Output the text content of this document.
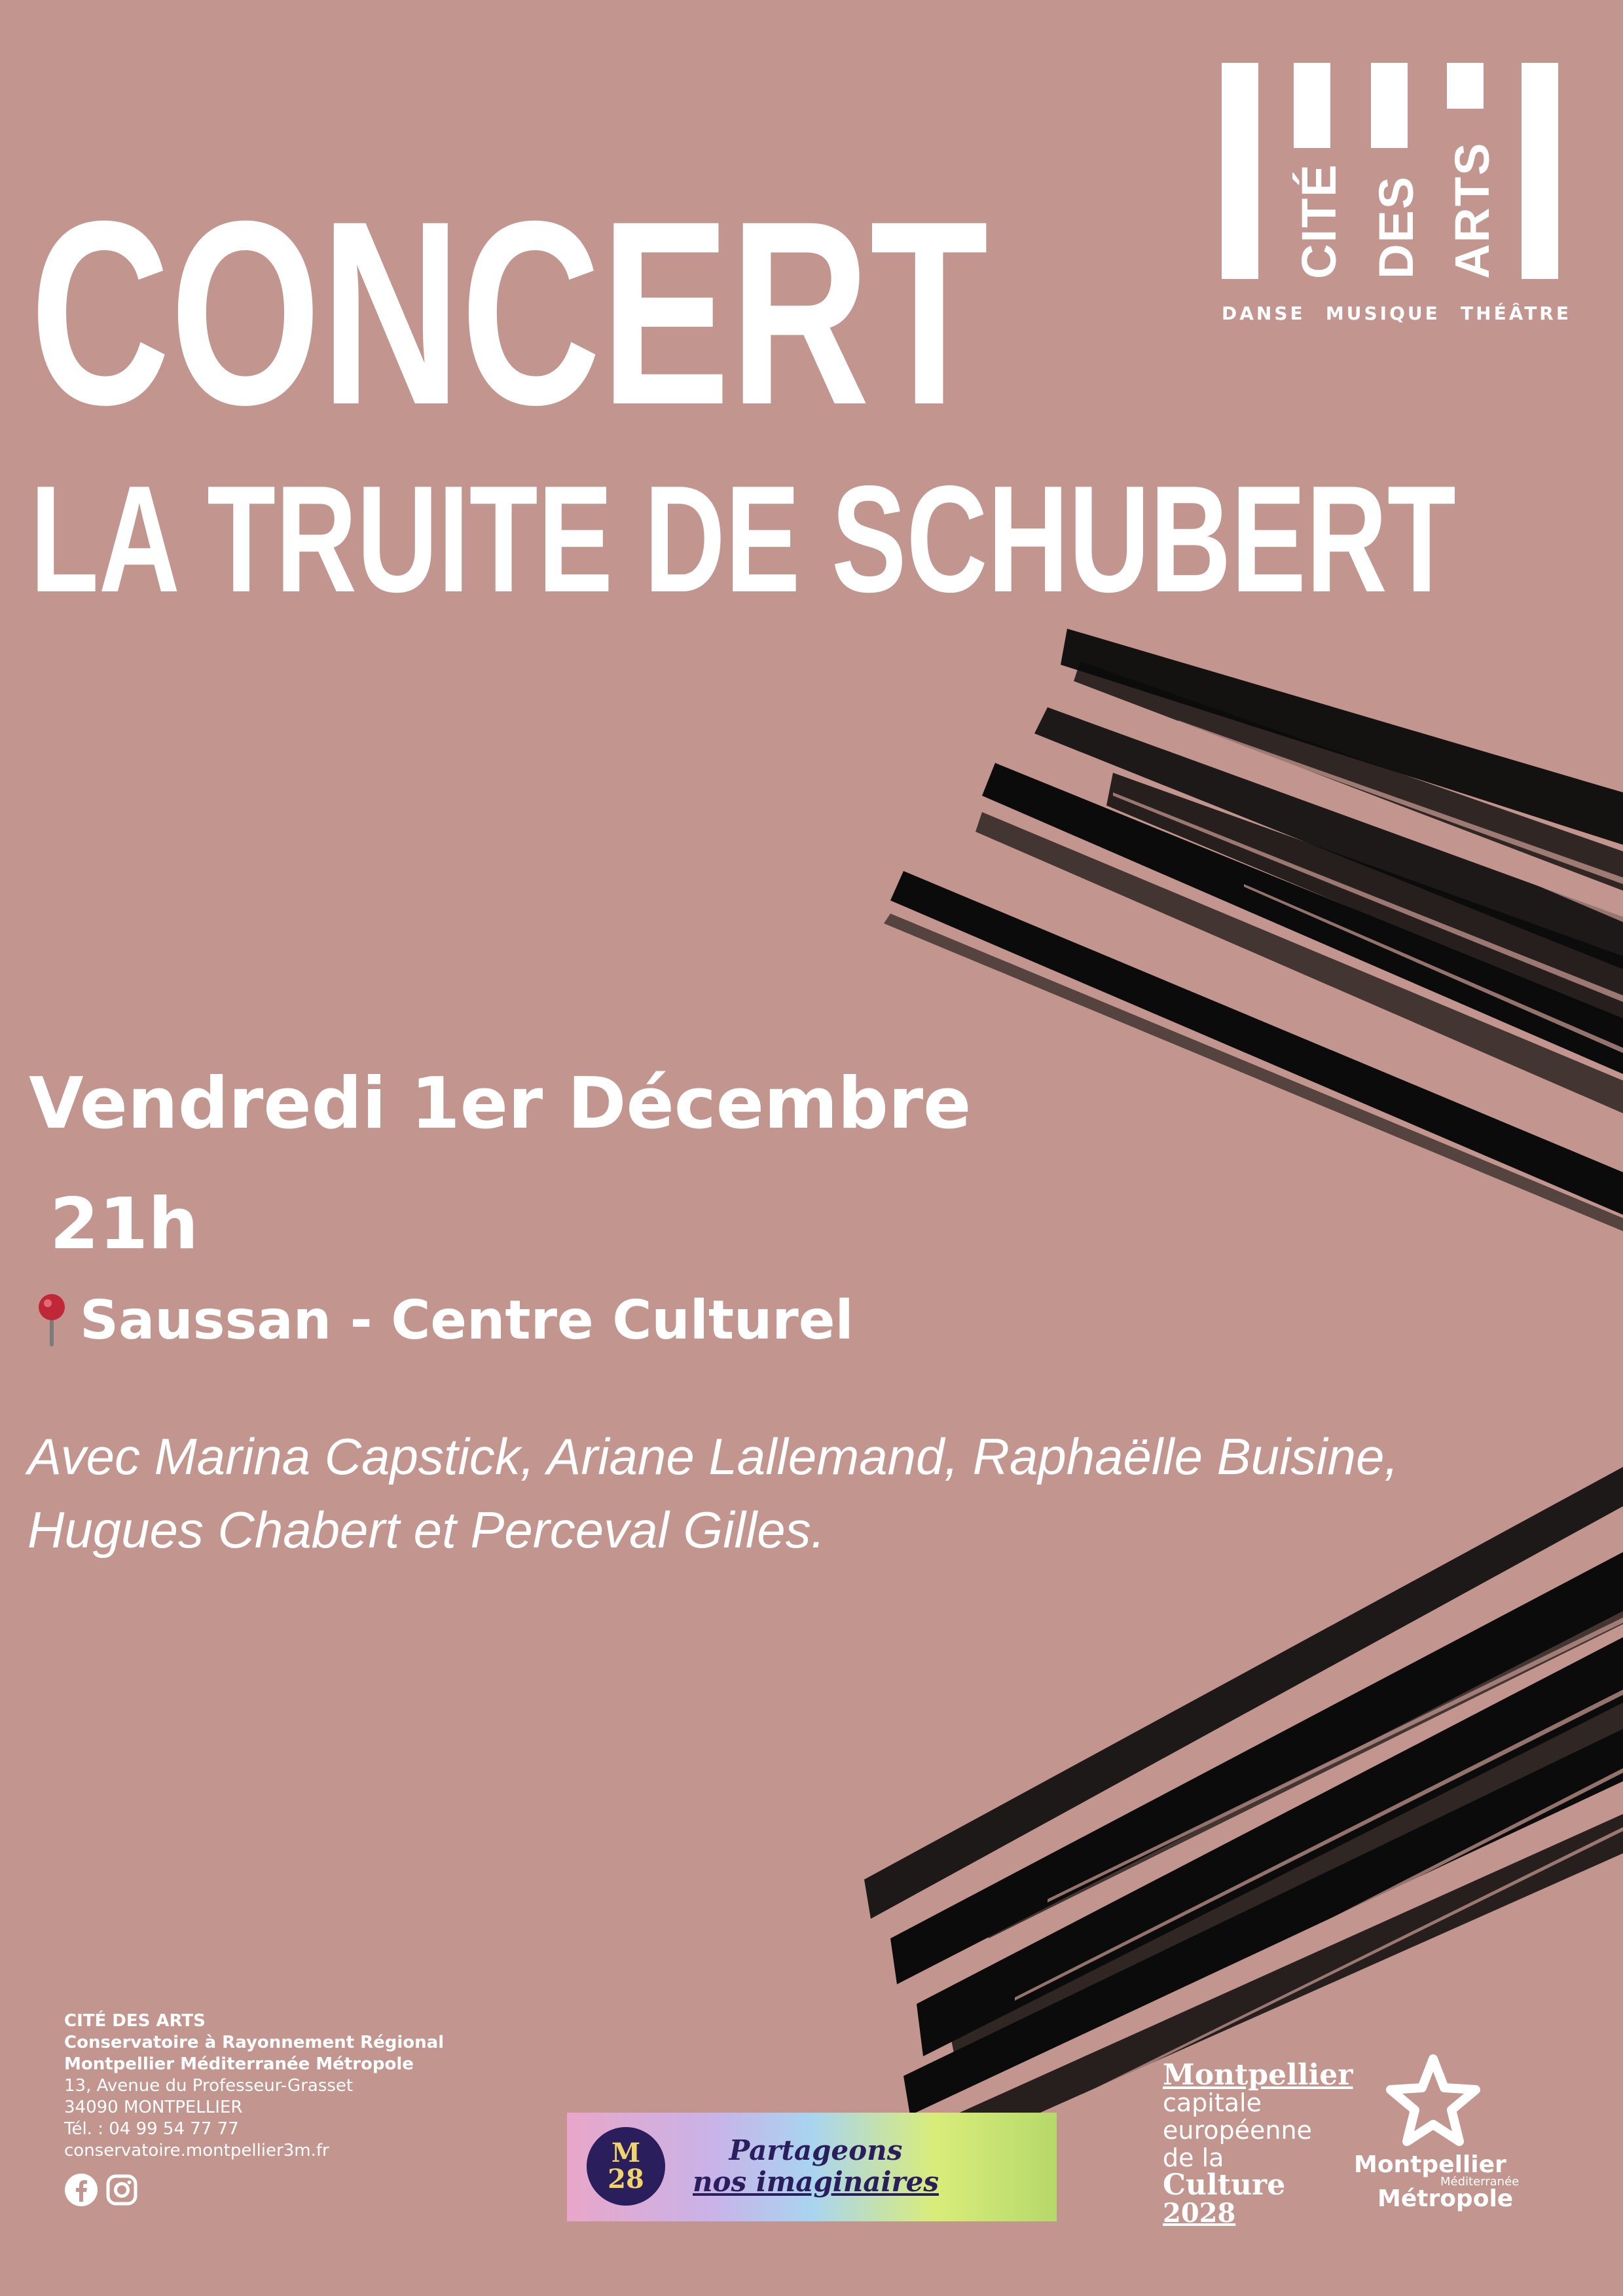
CITÉ DES ARTS
DANSE MUSIQUE THÉÂTRE
CONCERT
LA TRUITE DE SCHUBERT
Vendredi 1er Décembre
21h
Saussan - Centre Culturel
Avec Marina Capstick, Ariane Lallemand, Raphaëlle Buisine,
Hugues Chabert et Perceval Gilles.
CITÉ DES ARTS
Conservatoire à Rayonnement Régional
Montpellier Méditerranée Métropole
13, Avenue du Professeur-Grasset
34090 MONTPELLIER
Tél. : 04 99 54 77 77
conservatoire.montpellier3m.fr	M
28
Partageons
nos imaginaires
Montpellier
capitale
européenne
de la Culture
2028
Montpellier
Méditerranée
Métropole
